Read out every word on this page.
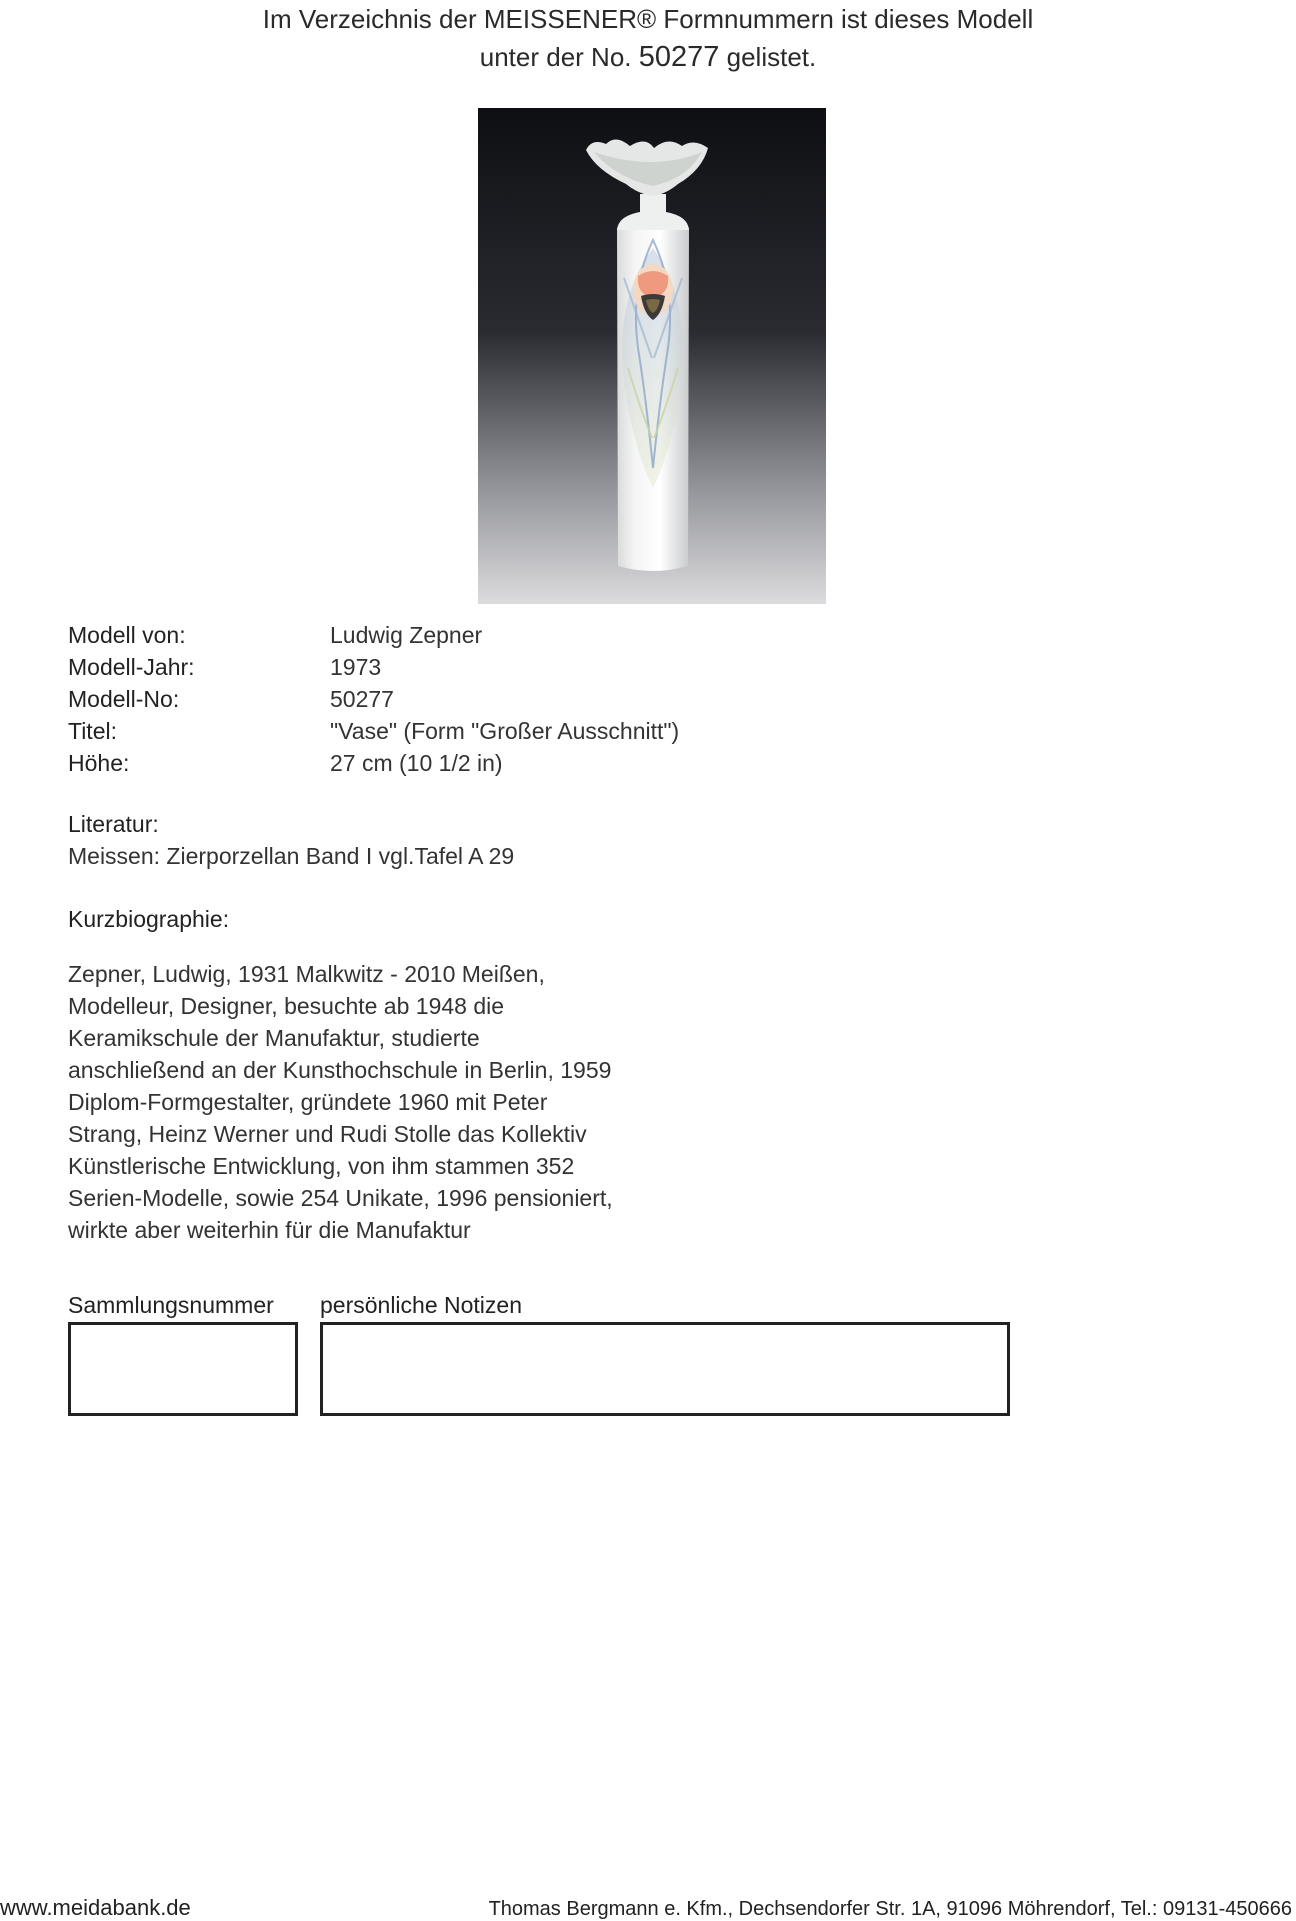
Im Verzeichnis der MEISSENER® Formnummern ist dieses Modell
unter der No. 50277 gelistet.
Modell von:	Ludwig Zepner
Modell-Jahr:	1973
Modell-No:	50277
Titel:	"Vase" (Form "Großer Ausschnitt")
Höhe:	27 cm (10 1/2 in)
Literatur:
Meissen: Zierporzellan Band I vgl.Tafel A 29
Kurzbiographie:
Zepner, Ludwig, 1931 Malkwitz - 2010 Meißen,
Modelleur, Designer, besuchte ab 1948 die
Keramikschule der Manufaktur, studierte
anschließend an der Kunsthochschule in Berlin, 1959
Diplom-Formgestalter, gründete 1960 mit Peter
Strang, Heinz Werner und Rudi Stolle das Kollektiv
Künstlerische Entwicklung, von ihm stammen 352
Serien-Modelle, sowie 254 Unikate, 1996 pensioniert,
wirkte aber weiterhin für die Manufaktur
Sammlungsnummer persönliche Notizen
www.meidabank.de	Thomas Bergmann e. Kfm., Dechsendorfer Str. 1A, 91096 Möhrendorf, Tel.: 09131-450666
